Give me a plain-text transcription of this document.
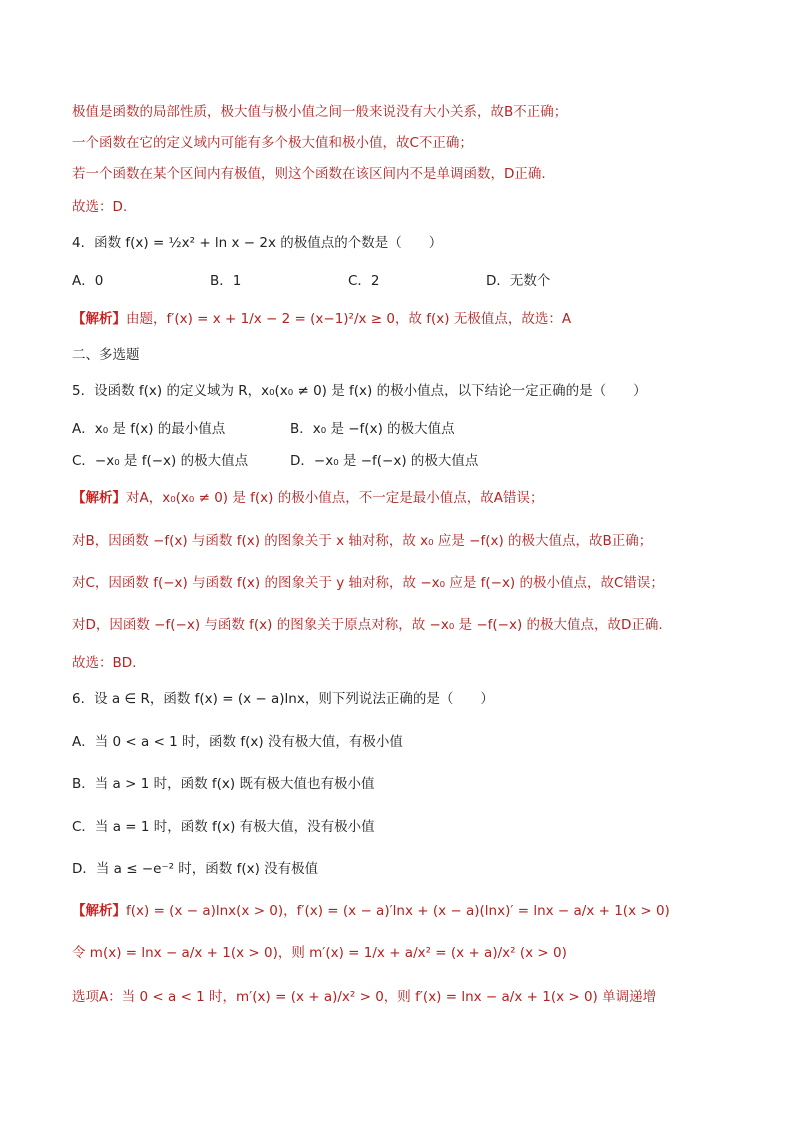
极值是函数的局部性质，极大值与极小值之间一般来说没有大小关系，故B不正确；
一个函数在它的定义域内可能有多个极大值和极小值，故C不正确；
若一个函数在某个区间内有极值，则这个函数在该区间内不是单调函数，D正确.
故选：D.
4．函数 f(x) = ½x² + ln x − 2x 的极值点的个数是（　　）
A．0	B．1	C．2	D．无数个
【解析】由题，f′(x) = x + 1/x − 2 = (x−1)²/x ≥ 0，故 f(x) 无极值点，故选：A
二、多选题
5．设函数 f(x) 的定义域为 R，x₀(x₀ ≠ 0) 是 f(x) 的极小值点，以下结论一定正确的是（　　）
A．x₀ 是 f(x) 的最小值点	B．x₀ 是 −f(x) 的极大值点
C．−x₀ 是 f(−x) 的极大值点	D．−x₀ 是 −f(−x) 的极大值点
【解析】对A，x₀(x₀ ≠ 0) 是 f(x) 的极小值点，不一定是最小值点，故A错误；
对B，因函数 −f(x) 与函数 f(x) 的图象关于 x 轴对称，故 x₀ 应是 −f(x) 的极大值点，故B正确；
对C，因函数 f(−x) 与函数 f(x) 的图象关于 y 轴对称，故 −x₀ 应是 f(−x) 的极小值点，故C错误；
对D，因函数 −f(−x) 与函数 f(x) 的图象关于原点对称，故 −x₀ 是 −f(−x) 的极大值点，故D正确.
故选：BD.
6．设 a ∈ R，函数 f(x) = (x − a)lnx，则下列说法正确的是（　　）
A．当 0 < a < 1 时，函数 f(x) 没有极大值，有极小值
B．当 a > 1 时，函数 f(x) 既有极大值也有极小值
C．当 a = 1 时，函数 f(x) 有极大值，没有极小值
D．当 a ≤ −e⁻² 时，函数 f(x) 没有极值
【解析】f(x) = (x − a)lnx(x > 0)，f′(x) = (x − a)′lnx + (x − a)(lnx)′ = lnx − a/x + 1(x > 0)
令 m(x) = lnx − a/x + 1(x > 0)，则 m′(x) = 1/x + a/x² = (x + a)/x² (x > 0)
选项A：当 0 < a < 1 时，m′(x) = (x + a)/x² > 0，则 f′(x) = lnx − a/x + 1(x > 0) 单调递增
